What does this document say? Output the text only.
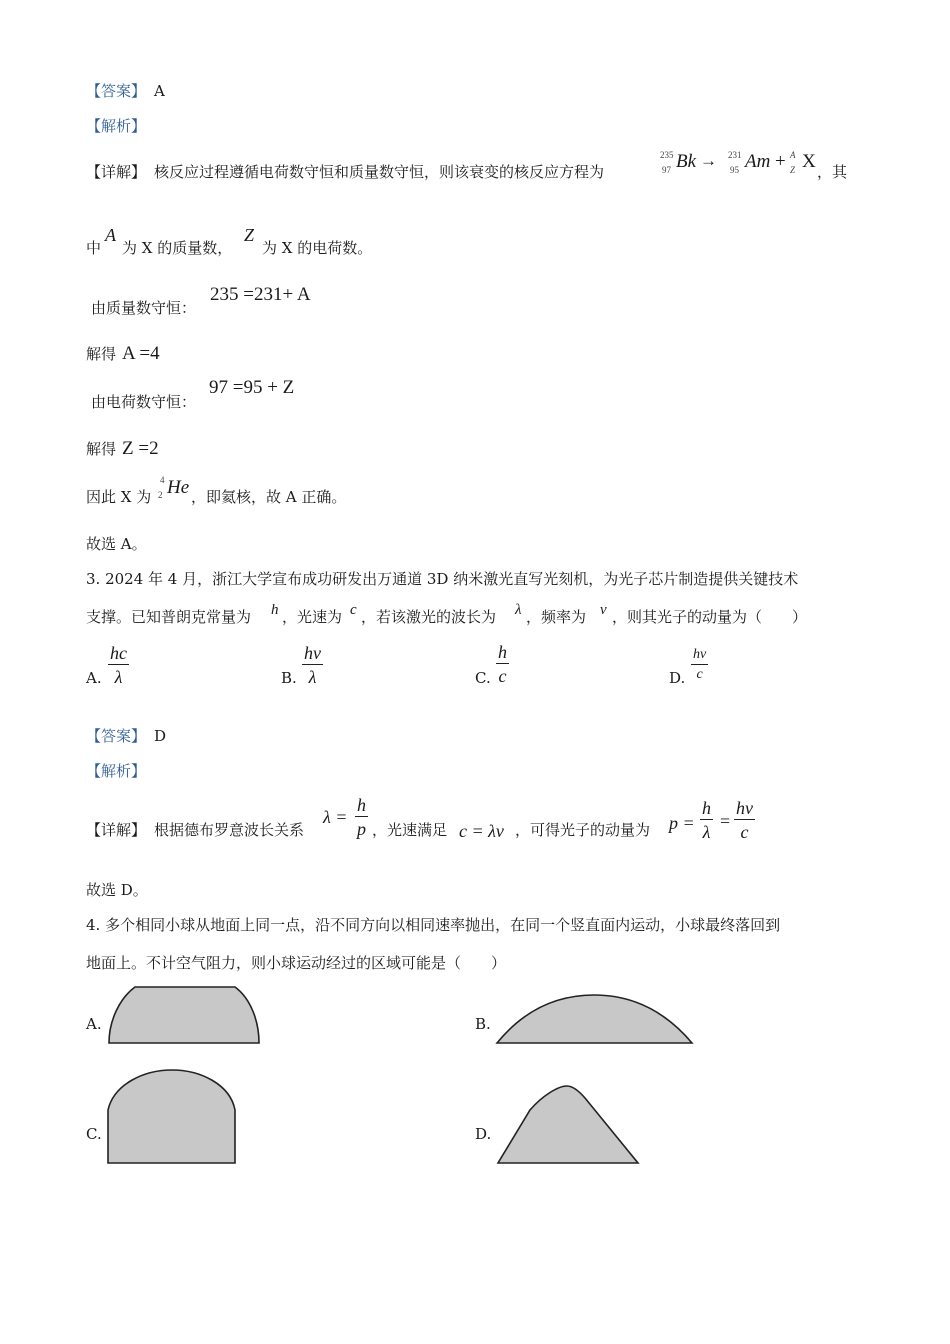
【答案】 A
【解析】
【详解】 核反应过程遵循电荷数守恒和质量数守恒，则该衰变的核反应方程为
235
97 Bk → 231
95 Am + A
Z X ，其
中
A
为 X 的质量数，
Z
为 X 的电荷数。
由质量数守恒：
235 =231+ A
解得 A =4
由电荷数守恒：
97 =95 + Z
解得 Z =2
因此 X 为
4
2 He ，即氦核，故 A 正确。
故选 A。
3. 2024 年 4 月，浙江大学宣布成功研发出万通道 3D 纳米激光直写光刻机，为光子芯片制造提供关键技术
支撑。已知普朗克常量为 h ，光速为 c ，若该激光的波长为 λ ，频率为 ν ，则其光子的动量为（　　）
A.
hc
λ	B.
hν
λ	C.
h
c	D.
hν
c
【答案】 D
【解析】
【详解】 根据德布罗意波长关系
λ =
h
p ，光速满足 c = λν ，可得光子的动量为 p =
h
λ
=
hν
c
故选 D。
4. 多个相同小球从地面上同一点，沿不同方向以相同速率抛出，在同一个竖直面内运动，小球最终落回到
地面上。不计空气阻力，则小球运动经过的区域可能是（　　）
A.	B.
C.	D.
